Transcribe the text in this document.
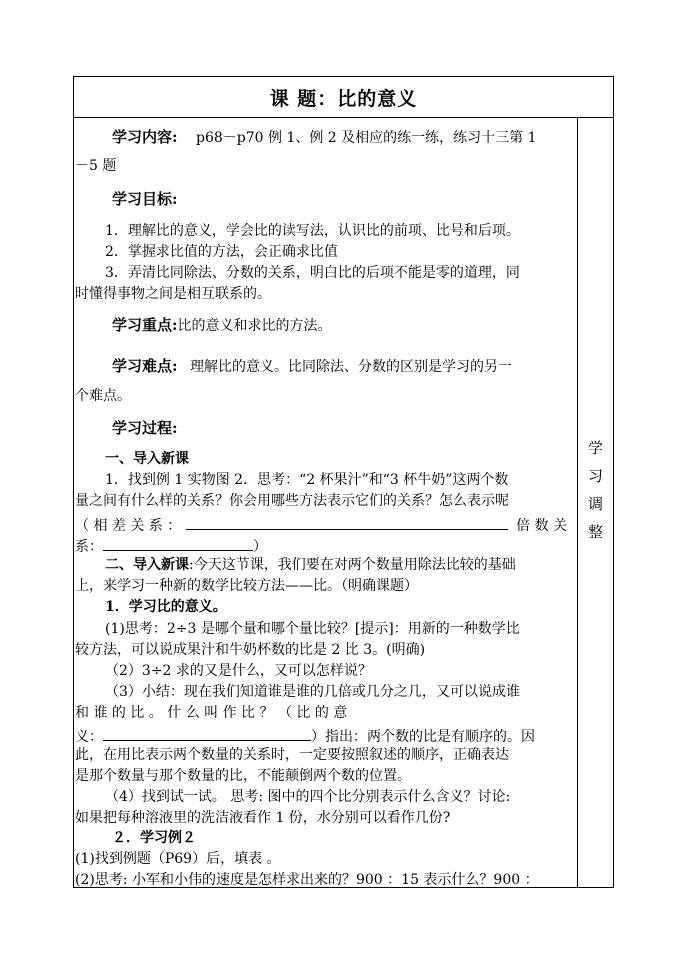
课 题：比的意义
学习内容: p68－p70 例 1、例 2 及相应的练一练，练习十三第 1
－5 题
学习目标:
1．理解比的意义，学会比的读写法，认识比的前项、比号和后项。
2．掌握求比值的方法，会正确求比值
3．弄清比同除法、分数的关系，明白比的后项不能是零的道理，同
时懂得事物之间是相互联系的。
学习重点:比的意义和求比的方法。
学习难点: 理解比的意义。比同除法、分数的区别是学习的另一
个难点。
学习过程:
一、导入新课
1．找到例 1 实物图 2．思考：“2 杯果汁”和“3 杯牛奶”这两个数
量之间有什么样的关系？你会用哪些方法表示它们的关系？怎么表示呢
（ 相 差 关 系 ：	倍 数 关
系：	）
二、导入新课:今天这节课，我们要在对两个数量用除法比较的基础
上，来学习一种新的数学比较方法——比。（明确课题）
1．学习比的意义。
(1)思考：2÷3 是哪个量和哪个量比较？[提示]：用新的一种数学比
较方法，可以说成果汁和牛奶杯数的比是 2 比 3。(明确)
（2）3÷2 求的又是什么，又可以怎样说？
（3）小结：现在我们知道谁是谁的几倍或几分之几，又可以说成谁
和 谁 的 比 。 什 么 叫 作 比 ？ （ 比 的 意
义：	）指出：两个数的比是有顺序的。因
此，在用比表示两个数量的关系时，一定要按照叙述的顺序，正确表达
是那个数量与那个数量的比，不能颠倒两个数的位置。
（4）找到试一试。 思考: 图中的四个比分别表示什么含义？讨论:
如果把每种溶液里的洗洁液看作 1 份，水分别可以看作几份?
２．学习例２
(1)找到例题（P69）后，填表 。
(2)思考: 小军和小伟的速度是怎样求出来的？900 ：15 表示什么？900 ：
学
习
调
整
